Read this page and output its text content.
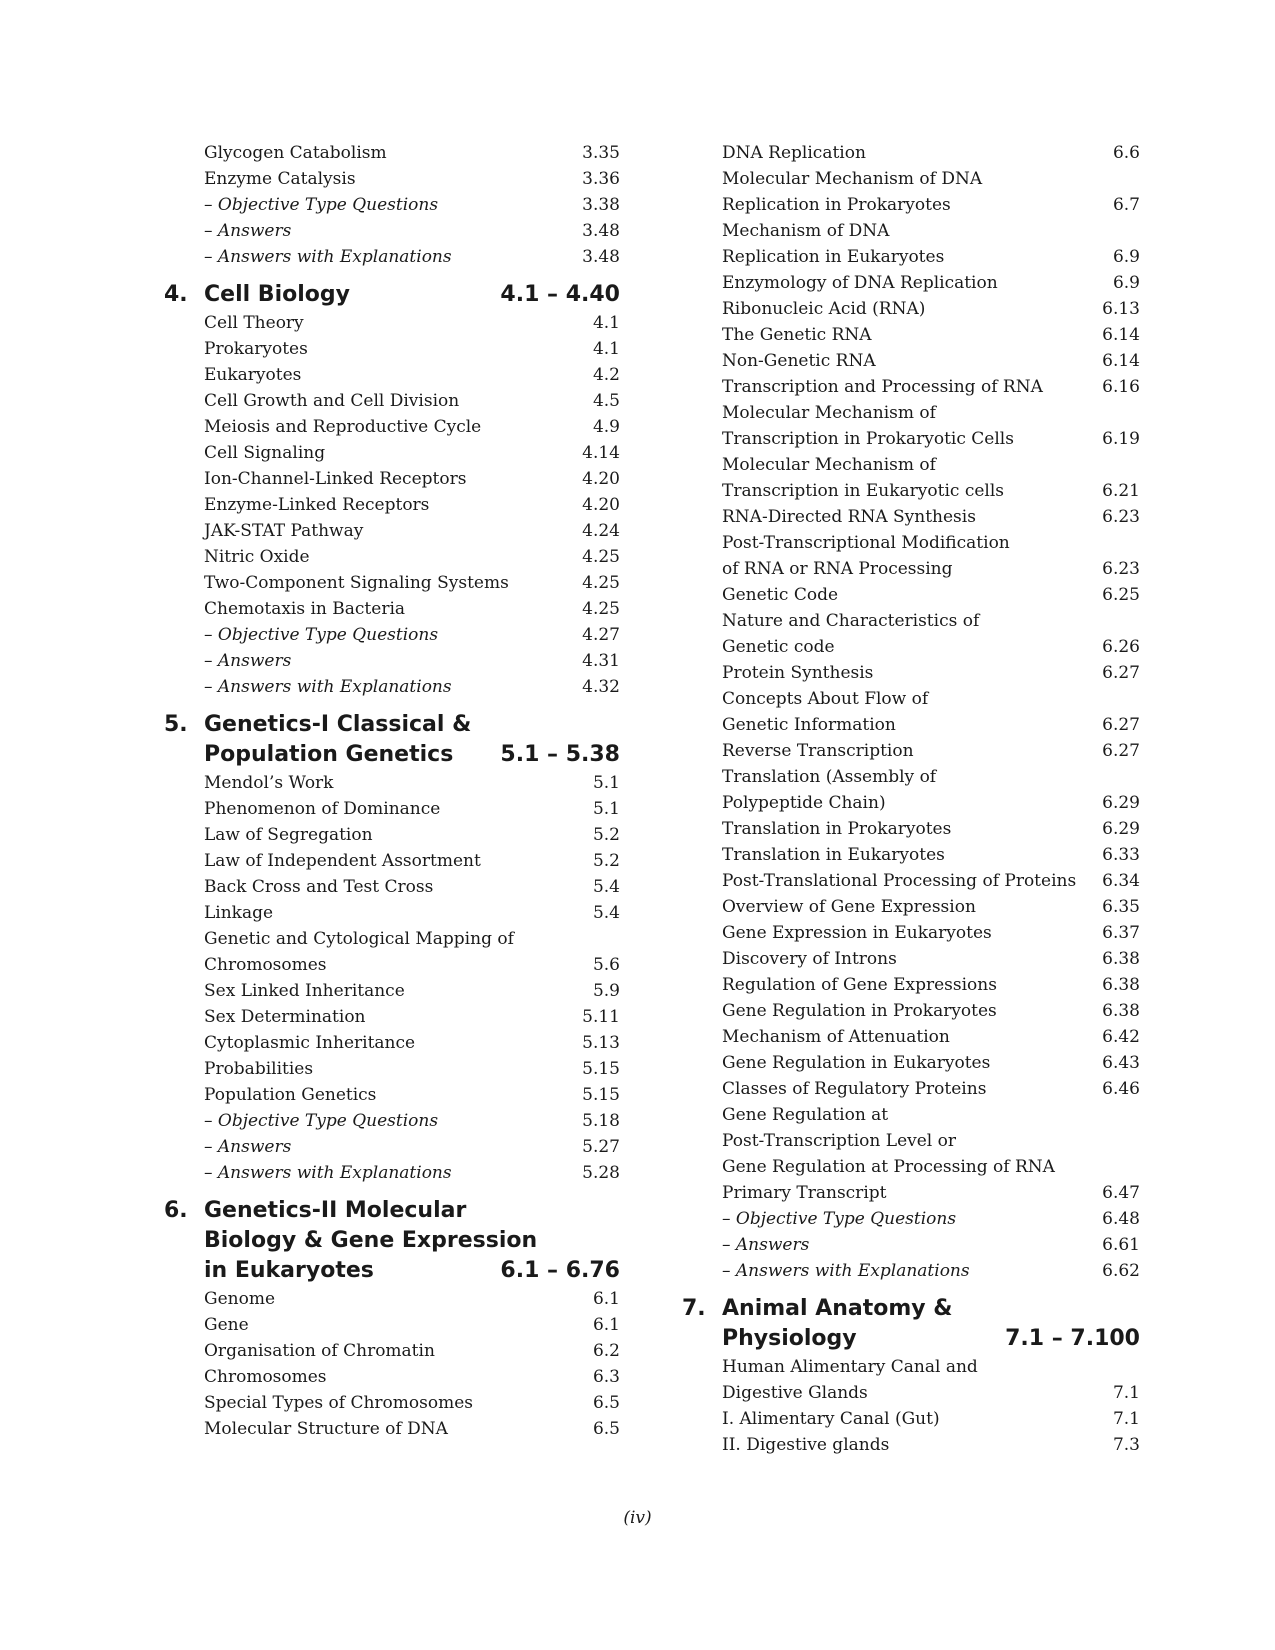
Glycogen Catabolism	3.35
Enzyme Catalysis	3.36
– Objective Type Questions	3.38
– Answers	3.48
– Answers with Explanations	3.48
4. Cell Biology	4.1 – 4.40
Cell Theory	4.1
Prokaryotes	4.1
Eukaryotes	4.2
Cell Growth and Cell Division	4.5
Meiosis and Reproductive Cycle	4.9
Cell Signaling	4.14
Ion-Channel-Linked Receptors	4.20
Enzyme-Linked Receptors	4.20
JAK-STAT Pathway	4.24
Nitric Oxide	4.25
Two-Component Signaling Systems	4.25
Chemotaxis in Bacteria	4.25
– Objective Type Questions	4.27
– Answers	4.31
– Answers with Explanations	4.32
5. Genetics-I Classical &
Population Genetics 5.1 – 5.38
Mendol’s Work	5.1
Phenomenon of Dominance	5.1
Law of Segregation	5.2
Law of Independent Assortment	5.2
Back Cross and Test Cross	5.4
Linkage	5.4
Genetic and Cytological Mapping of
Chromosomes	5.6
Sex Linked Inheritance	5.9
Sex Determination	5.11
Cytoplasmic Inheritance	5.13
Probabilities	5.15
Population Genetics	5.15
– Objective Type Questions	5.18
– Answers	5.27
– Answers with Explanations	5.28
6. Genetics-II Molecular
Biology & Gene Expression
in Eukaryotes	6.1 – 6.76
Genome	6.1
Gene	6.1
Organisation of Chromatin	6.2
Chromosomes	6.3
Special Types of Chromosomes	6.5
Molecular Structure of DNA	6.5
DNA Replication	6.6
Molecular Mechanism of DNA
Replication in Prokaryotes	6.7
Mechanism of DNA
Replication in Eukaryotes	6.9
Enzymology of DNA Replication	6.9
Ribonucleic Acid (RNA)	6.13
The Genetic RNA	6.14
Non-Genetic RNA	6.14
Transcription and Processing of RNA	6.16
Molecular Mechanism of
Transcription in Prokaryotic Cells	6.19
Molecular Mechanism of
Transcription in Eukaryotic cells	6.21
RNA-Directed RNA Synthesis	6.23
Post-Transcriptional Modification
of RNA or RNA Processing	6.23
Genetic Code	6.25
Nature and Characteristics of
Genetic code	6.26
Protein Synthesis	6.27
Concepts About Flow of
Genetic Information	6.27
Reverse Transcription	6.27
Translation (Assembly of
Polypeptide Chain)	6.29
Translation in Prokaryotes	6.29
Translation in Eukaryotes	6.33
Post-Translational Processing of Proteins	6.34
Overview of Gene Expression	6.35
Gene Expression in Eukaryotes	6.37
Discovery of Introns	6.38
Regulation of Gene Expressions	6.38
Gene Regulation in Prokaryotes	6.38
Mechanism of Attenuation	6.42
Gene Regulation in Eukaryotes	6.43
Classes of Regulatory Proteins	6.46
Gene Regulation at
Post-Transcription Level or
Gene Regulation at Processing of RNA
Primary Transcript	6.47
– Objective Type Questions	6.48
– Answers	6.61
– Answers with Explanations	6.62
7. Animal Anatomy &
Physiology	7.1 – 7.100
Human Alimentary Canal and
Digestive Glands	7.1
I. Alimentary Canal (Gut)	7.1
II. Digestive glands	7.3
(iv)
